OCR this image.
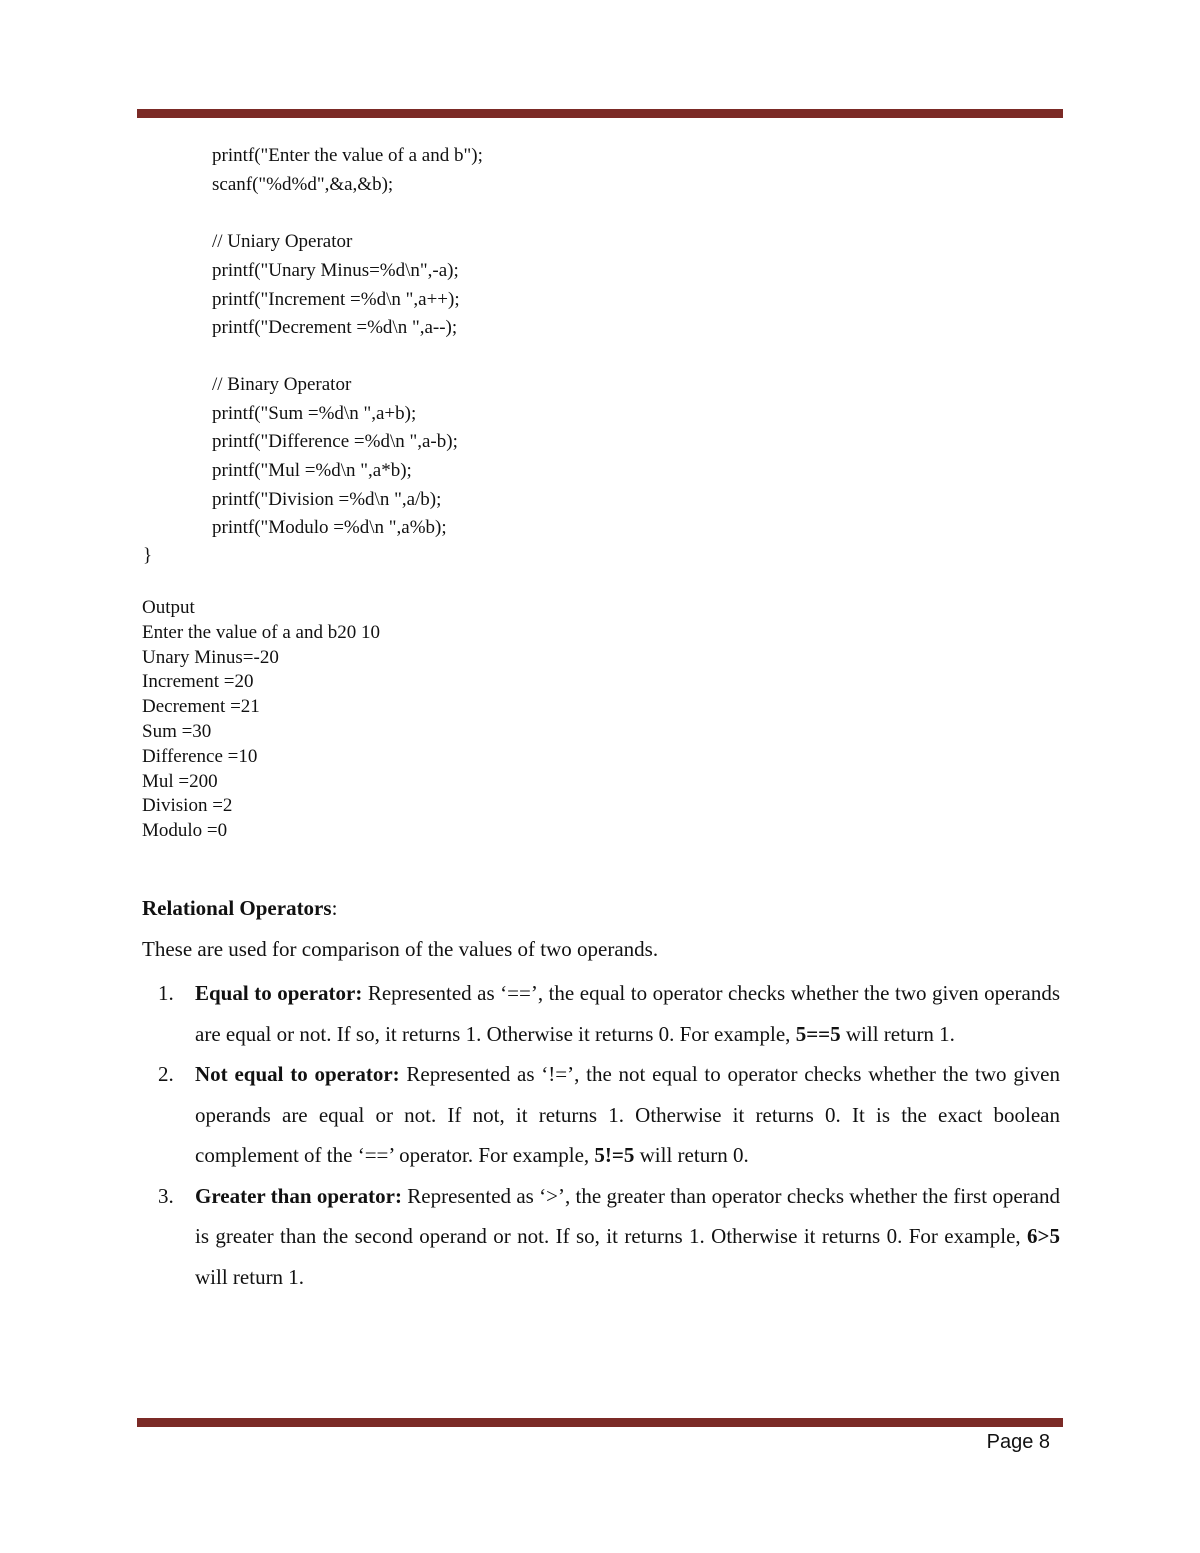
printf("Enter the value of a and b");
scanf("%d%d",&a,&b);
// Uniary Operator
printf("Unary Minus=%d\n",-a);
printf("Increment =%d\n ",a++);
printf("Decrement =%d\n ",a--);
// Binary Operator
printf("Sum =%d\n ",a+b);
printf("Difference =%d\n ",a-b);
printf("Mul =%d\n ",a*b);
printf("Division =%d\n ",a/b);
printf("Modulo =%d\n ",a%b);
}
Output
Enter the value of a and b20 10
Unary Minus=-20
Increment =20
Decrement =21
Sum =30
Difference =10
Mul =200
Division =2
Modulo =0
Relational Operators:
These are used for comparison of the values of two operands.
1. Equal to operator: Represented as ‘==’, the equal to operator checks whether the two given operands are equal or not. If so, it returns 1. Otherwise it returns 0. For example, 5==5 will return 1.
2. Not equal to operator: Represented as ‘!=’, the not equal to operator checks whether the two given operands are equal or not. If not, it returns 1. Otherwise it returns 0. It is the exact boolean complement of the ‘==’ operator. For example, 5!=5 will return 0.
3. Greater than operator: Represented as ‘>’, the greater than operator checks whether the first operand is greater than the second operand or not. If so, it returns 1. Otherwise it returns 0. For example, 6>5 will return 1.
Page 8
